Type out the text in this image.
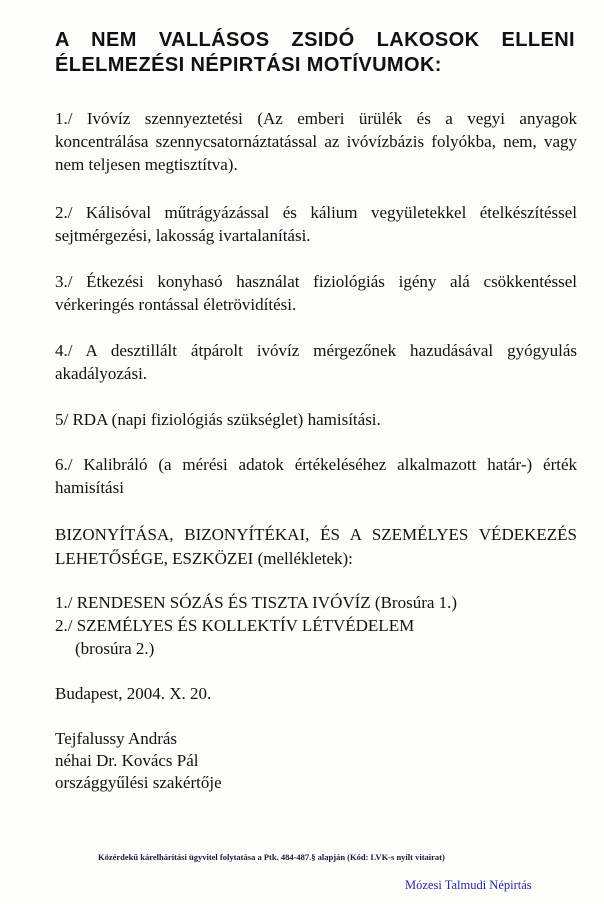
A NEM VALLÁSOS ZSIDÓ LAKOSOK ELLENI
ÉLELMEZÉSI NÉPIRTÁSI MOTÍVUMOK:

1./ Ivóvíz szennyeztetési (Az emberi ürülék és a vegyi anyagok koncentrálása szennycsatornáztatással az ivóvízbázis folyókba, nem, vagy nem teljesen megtisztítva).

2./ Kálisóval műtrágyázással és kálium vegyületekkel ételkészítéssel sejtmérgezési, lakosság ivartalanítási.

3./ Étkezési konyhasó használat fiziológiás igény alá csökkentéssel vérkeringés rontással életrövidítési.

4./ A desztillált átpárolt ivóvíz mérgezőnek hazudásával gyógyulás akadályozási.

5/ RDA (napi fiziológiás szükséglet) hamisítási.

6./ Kalibráló (a mérési adatok értékeléséhez alkalmazott határ-) érték hamisítási

BIZONYÍTÁSA, BIZONYÍTÉKAI, ÉS A SZEMÉLYES VÉDEKEZÉS LEHETŐSÉGE, ESZKÖZEI (mellékletek):

1./ RENDESEN SÓZÁS ÉS TISZTA IVÓVÍZ (Brosúra 1.)

2./ SZEMÉLYES ÉS KOLLEKTÍV LÉTVÉDELEM
(brosúra 2.)

Budapest, 2004. X. 20.

Tejfalussy András
néhai Dr. Kovács Pál
országgyűlési szakértője

Közérdekű kárelhárítási ügyvitel folytatása a Ptk. 484-487.§ alapján (Kód: LVK-s nyílt vitairat)

Mózesi Talmudi Népirtás
